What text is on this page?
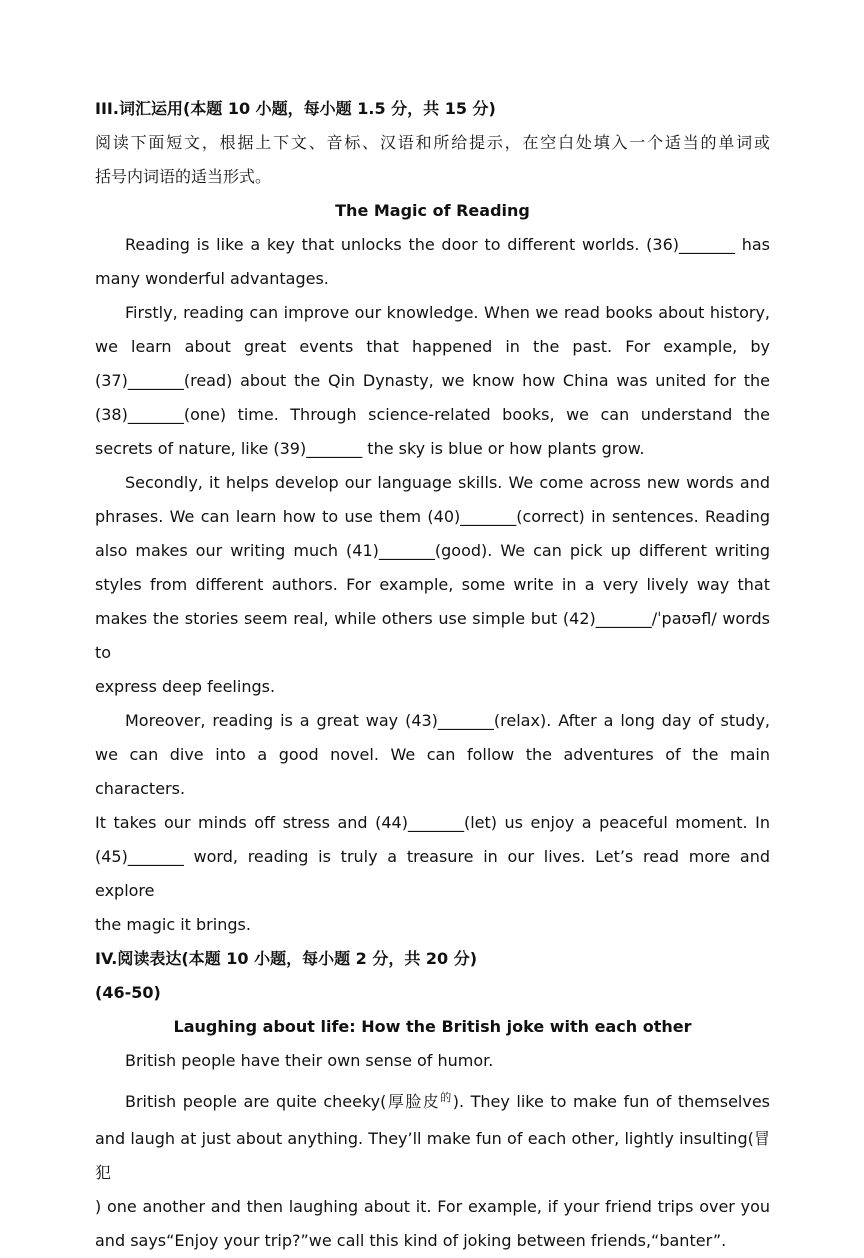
III.词汇运用(本题 10 小题，每小题 1.5 分，共 15 分)
阅读下面短文，根据上下文、音标、汉语和所给提示，在空白处填入一个适当的单词或
括号内词语的适当形式。
The Magic of Reading
Reading is like a key that unlocks the door to different worlds. (36)_______ has
many wonderful advantages.
Firstly, reading can improve our knowledge. When we read books about history,
we learn about great events that happened in the past. For example, by
(37)_______(read) about the Qin Dynasty, we know how China was united for the
(38)_______(one) time. Through science-related books, we can understand the
secrets of nature, like (39)_______ the sky is blue or how plants grow.
Secondly, it helps develop our language skills. We come across new words and
phrases. We can learn how to use them (40)_______(correct) in sentences. Reading
also makes our writing much (41)_______(good). We can pick up different writing
styles from different authors. For example, some write in a very lively way that
makes the stories seem real, while others use simple but (42)_______/ˈpaʊəfl/ words to
express deep feelings.
Moreover, reading is a great way (43)_______(relax). After a long day of study,
we can dive into a good novel. We can follow the adventures of the main characters.
It takes our minds off stress and (44)_______(let) us enjoy a peaceful moment. In
(45)_______ word, reading is truly a treasure in our lives. Let’s read more and explore
the magic it brings.
IV.阅读表达(本题 10 小题，每小题 2 分，共 20 分)
(46-50)
Laughing about life: How the British joke with each other
British people have their own sense of humor.
British people are quite cheeky(厚脸皮$^的$). They like to make fun of themselves
and laugh at just about anything. They’ll make fun of each other, lightly insulting(冒犯
) one another and then laughing about it. For example, if your friend trips over you
and says“Enjoy your trip?”we call this kind of joking between friends,“banter”.
